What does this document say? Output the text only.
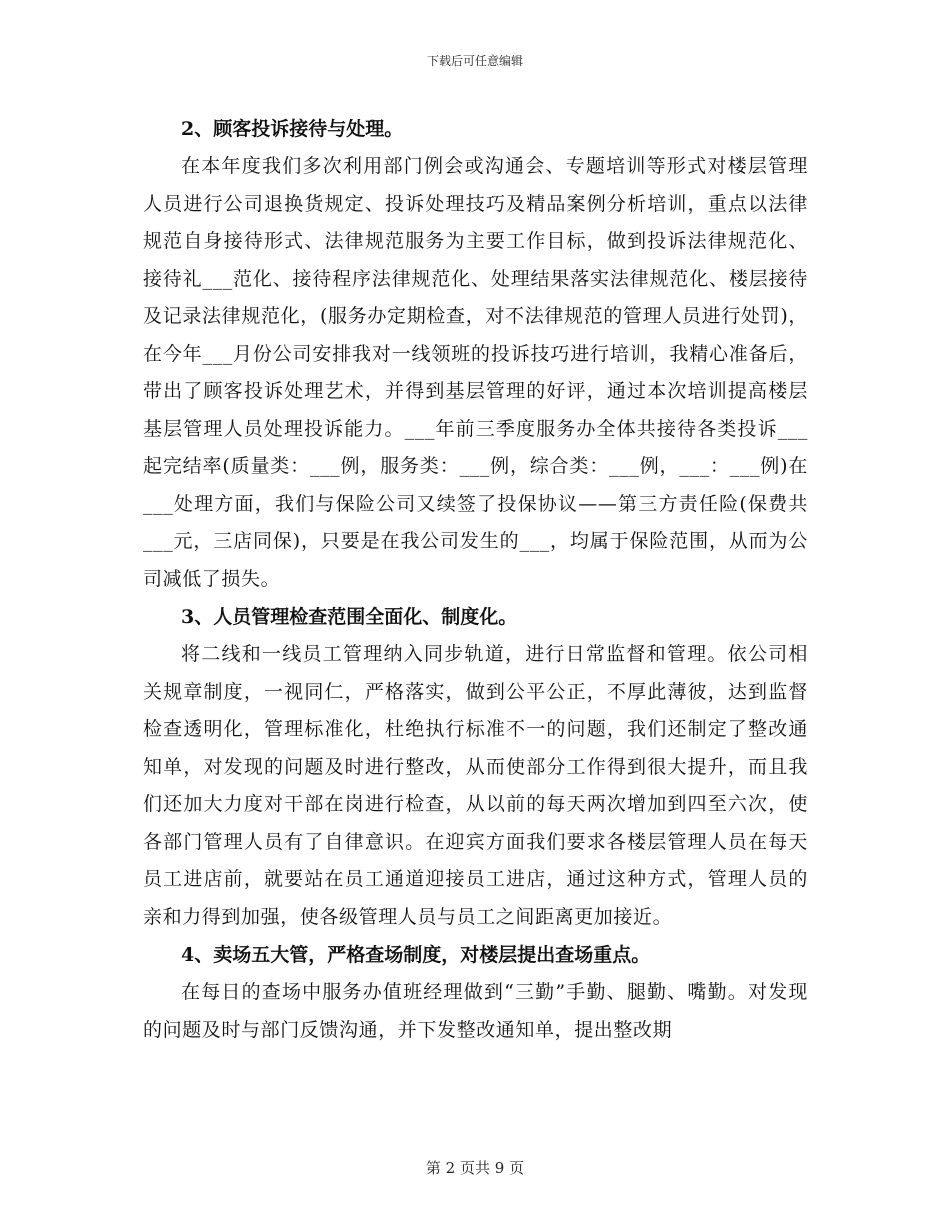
下载后可任意编辑

2、顾客投诉接待与处理。

在本年度我们多次利用部门例会或沟通会、专题培训等形式对楼层管理人员进行公司退换货规定、投诉处理技巧及精品案例分析培训，重点以法律规范自身接待形式、法律规范服务为主要工作目标，做到投诉法律规范化、接待礼___范化、接待程序法律规范化、处理结果落实法律规范化、楼层接待及记录法律规范化，(服务办定期检查，对不法律规范的管理人员进行处罚)，在今年___月份公司安排我对一线领班的投诉技巧进行培训，我精心准备后，带出了顾客投诉处理艺术，并得到基层管理的好评，通过本次培训提高楼层基层管理人员处理投诉能力。___年前三季度服务办全体共接待各类投诉___起完结率(质量类：___例，服务类：___例，综合类：___例，___：___例)在___处理方面，我们与保险公司又续签了投保协议——第三方责任险(保费共___元，三店同保)，只要是在我公司发生的___，均属于保险范围，从而为公司减低了损失。

3、人员管理检查范围全面化、制度化。

将二线和一线员工管理纳入同步轨道，进行日常监督和管理。依公司相关规章制度，一视同仁，严格落实，做到公平公正，不厚此薄彼，达到监督检查透明化，管理标准化，杜绝执行标准不一的问题，我们还制定了整改通知单，对发现的问题及时进行整改，从而使部分工作得到很大提升，而且我们还加大力度对干部在岗进行检查，从以前的每天两次增加到四至六次，使各部门管理人员有了自律意识。在迎宾方面我们要求各楼层管理人员在每天员工进店前，就要站在员工通道迎接员工进店，通过这种方式，管理人员的亲和力得到加强，使各级管理人员与员工之间距离更加接近。

4、卖场五大管，严格查场制度，对楼层提出查场重点。

在每日的查场中服务办值班经理做到“三勤”手勤、腿勤、嘴勤。对发现的问题及时与部门反馈沟通，并下发整改通知单，提出整改期

第 2 页共 9 页
